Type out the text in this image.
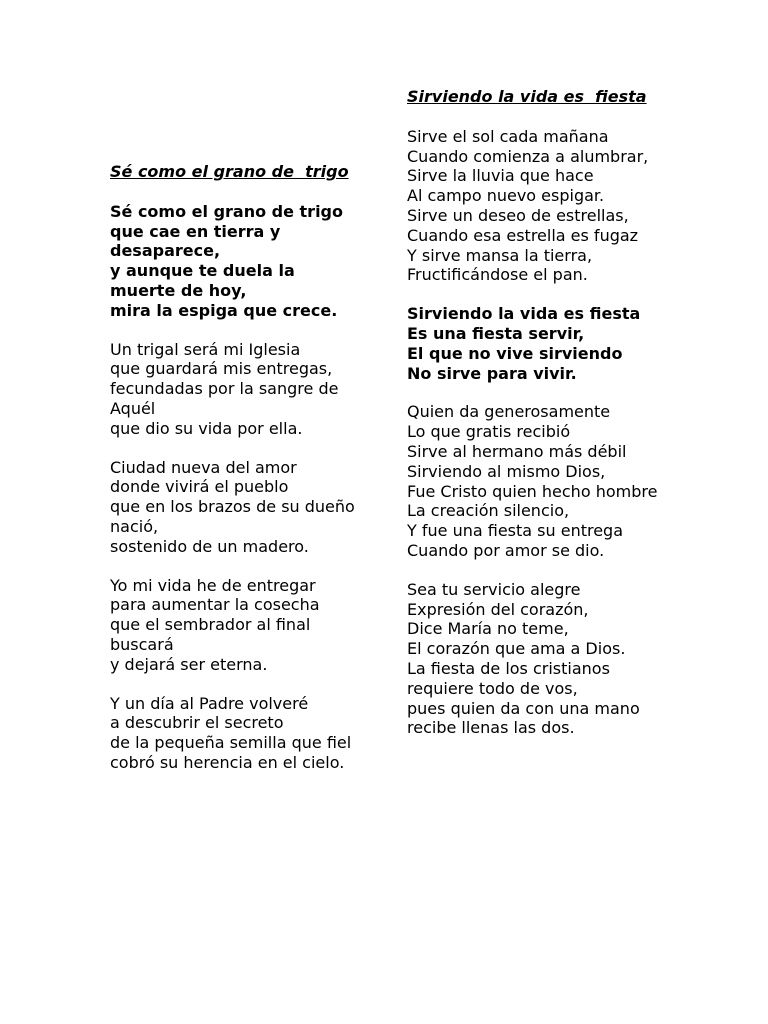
Sé como el grano de  trigo
Sé como el grano de trigo
que cae en tierra y desaparece,
y aunque te duela la muerte de hoy,
mira la espiga que crece.
Un trigal será mi Iglesia
que guardará mis entregas,
fecundadas por la sangre de Aquél
que dio su vida por ella.
Ciudad nueva del amor
donde vivirá el pueblo
que en los brazos de su dueño nació,
sostenido de un madero.
Yo mi vida he de entregar
para aumentar la cosecha
que el sembrador al final buscará
y dejará ser eterna.
Y un día al Padre volveré
a descubrir el secreto
de la pequeña semilla que fiel
cobró su herencia en el cielo.
Sirviendo la vida es  fiesta
Sirve el sol cada mañana
Cuando comienza a alumbrar,
Sirve la lluvia que hace
Al campo nuevo espigar.
Sirve un deseo de estrellas,
Cuando esa estrella es fugaz
Y sirve mansa la tierra,
Fructificándose el pan.
Sirviendo la vida es fiesta
Es una fiesta servir,
El que no vive sirviendo
No sirve para vivir.
Quien da generosamente
Lo que gratis recibió
Sirve al hermano más débil
Sirviendo al mismo Dios,
Fue Cristo quien hecho hombre
La creación silencio,
Y fue una fiesta su entrega
Cuando por amor se dio.
Sea tu servicio alegre
Expresión del corazón,
Dice María no teme,
El corazón que ama a Dios.
La fiesta de los cristianos
requiere todo de vos,
pues quien da con una mano
recibe llenas las dos.
